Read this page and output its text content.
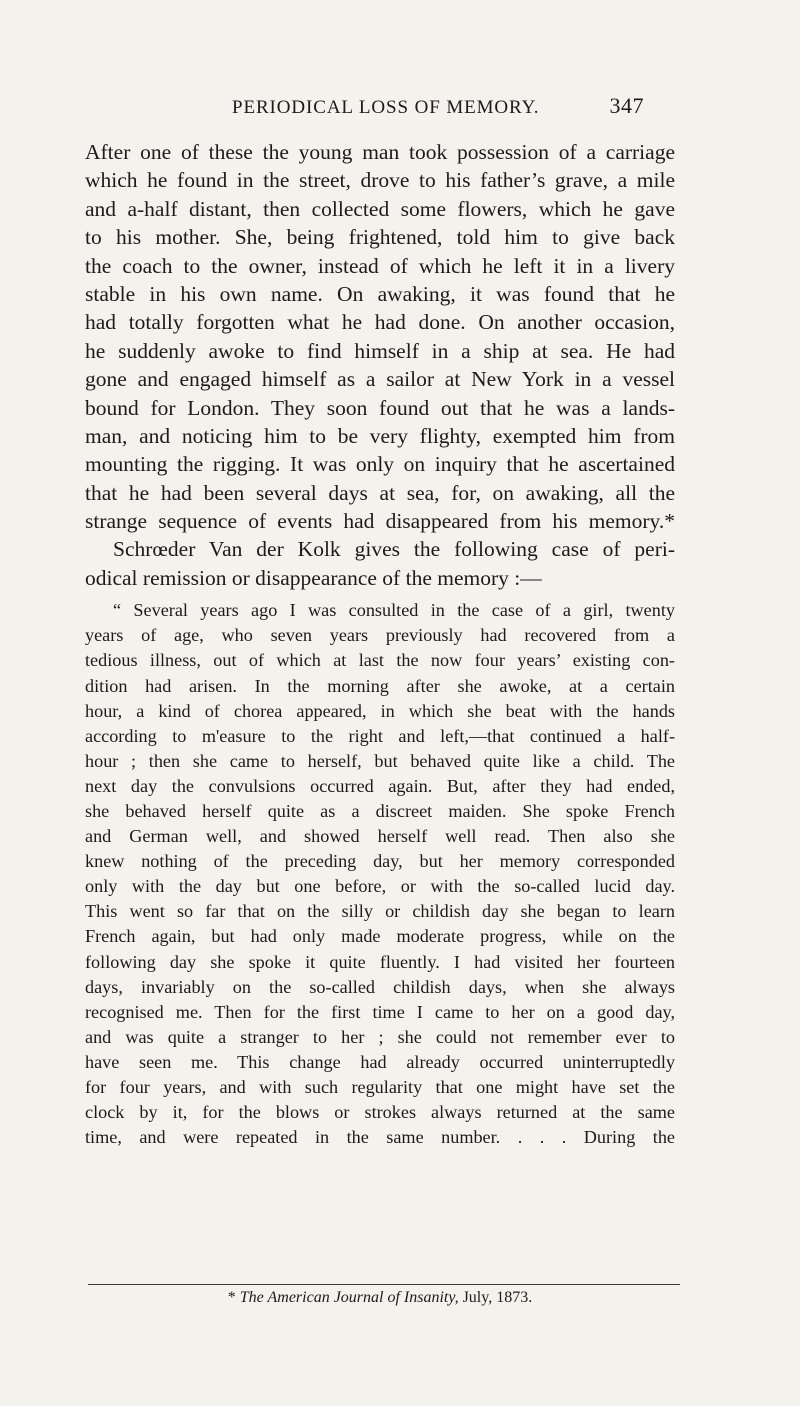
PERIODICAL LOSS OF MEMORY.	347
After one of these the young man took possession of a carriage
which he found in the street, drove to his father’s grave, a mile
and a-half distant, then collected some flowers, which he gave
to his mother. She, being frightened, told him to give back
the coach to the owner, instead of which he left it in a livery
stable in his own name. On awaking, it was found that he
had totally forgotten what he had done. On another occasion,
he suddenly awoke to find himself in a ship at sea. He had
gone and engaged himself as a sailor at New York in a vessel
bound for London. They soon found out that he was a lands-
man, and noticing him to be very flighty, exempted him from
mounting the rigging. It was only on inquiry that he ascertained
that he had been several days at sea, for, on awaking, all the
strange sequence of events had disappeared from his memory.*
Schrœder Van der Kolk gives the following case of peri-
odical remission or disappearance of the memory :—
“ Several years ago I was consulted in the case of a girl, twenty
years of age, who seven years previously had recovered from a
tedious illness, out of which at last the now four years’ existing con-
dition had arisen. In the morning after she awoke, at a certain
hour, a kind of chorea appeared, in which she beat with the hands
according to m'easure to the right and left,—that continued a half-
hour ; then she came to herself, but behaved quite like a child. The
next day the convulsions occurred again. But, after they had ended,
she behaved herself quite as a discreet maiden. She spoke French
and German well, and showed herself well read. Then also she
knew nothing of the preceding day, but her memory corresponded
only with the day but one before, or with the so-called lucid day.
This went so far that on the silly or childish day she began to learn
French again, but had only made moderate progress, while on the
following day she spoke it quite fluently. I had visited her fourteen
days, invariably on the so-called childish days, when she always
recognised me. Then for the first time I came to her on a good day,
and was quite a stranger to her ; she could not remember ever to
have seen me. This change had already occurred uninterruptedly
for four years, and with such regularity that one might have set the
clock by it, for the blows or strokes always returned at the same
time, and were repeated in the same number. . . . During the
* The American Journal of Insanity, July, 1873.
